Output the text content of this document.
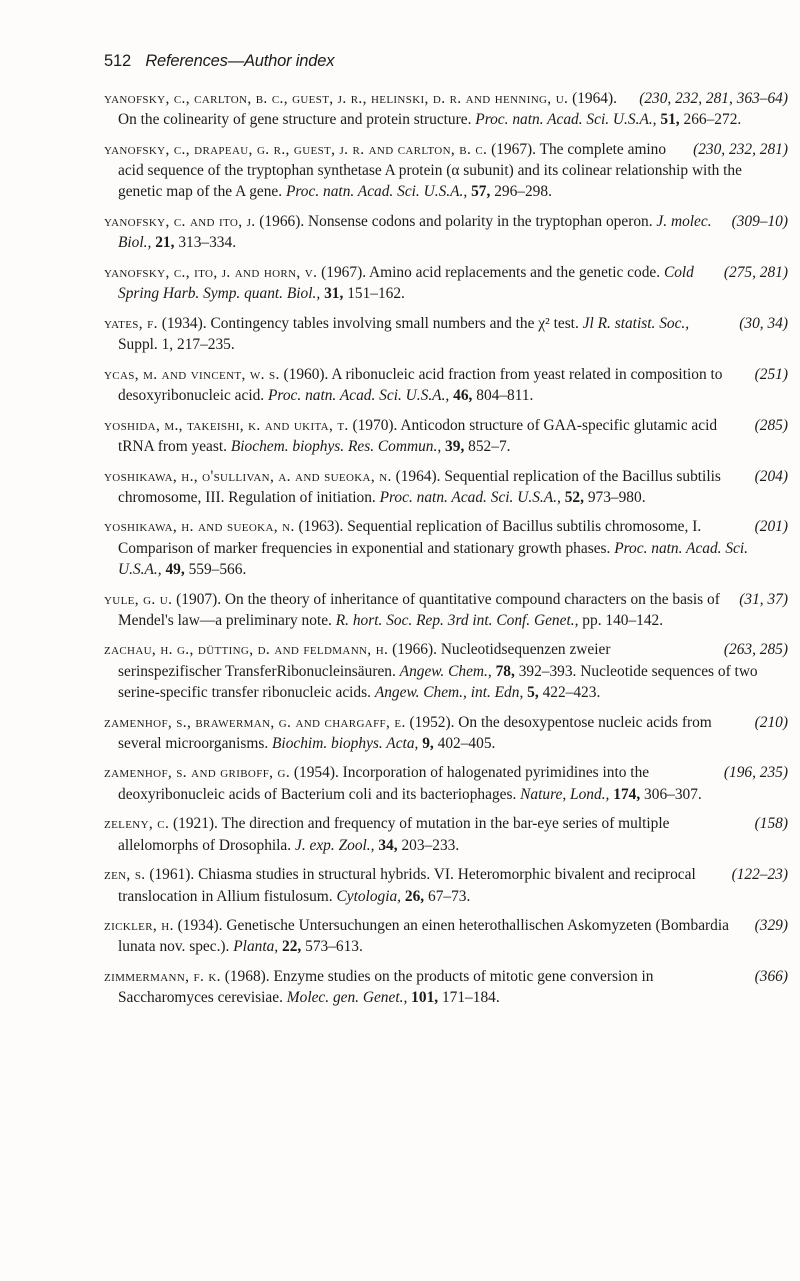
512 References—Author index
(230, 232, 281, 363–64)
yanofsky, c., carlton, b. c., guest, j. r., helinski, d. r. and henning, u. (1964). On the colinearity of gene structure and protein structure. Proc. natn. Acad. Sci. U.S.A., 51, 266–272.
(230, 232, 281)
yanofsky, c., drapeau, g. r., guest, j. r. and carlton, b. c. (1967). The complete amino acid sequence of the tryptophan synthetase A protein (α subunit) and its colinear relationship with the genetic map of the A gene. Proc. natn. Acad. Sci. U.S.A., 57, 296–298.
(309–10)
yanofsky, c. and ito, j. (1966). Nonsense codons and polarity in the tryptophan operon. J. molec. Biol., 21, 313–334.
(275, 281)
yanofsky, c., ito, j. and horn, v. (1967). Amino acid replacements and the genetic code. Cold Spring Harb. Symp. quant. Biol., 31, 151–162.
(30, 34)
yates, f. (1934). Contingency tables involving small numbers and the χ² test. Jl R. statist. Soc., Suppl. 1, 217–235.
(251)
ycas, m. and vincent, w. s. (1960). A ribonucleic acid fraction from yeast related in composition to desoxyribonucleic acid. Proc. natn. Acad. Sci. U.S.A., 46, 804–811.
(285)
yoshida, m., takeishi, k. and ukita, t. (1970). Anticodon structure of GAA-specific glutamic acid tRNA from yeast. Biochem. biophys. Res. Commun., 39, 852–7.
(204)
yoshikawa, h., o'sullivan, a. and sueoka, n. (1964). Sequential replication of the Bacillus subtilis chromosome, III. Regulation of initiation. Proc. natn. Acad. Sci. U.S.A., 52, 973–980.
(201)
yoshikawa, h. and sueoka, n. (1963). Sequential replication of Bacillus subtilis chromosome, I. Comparison of marker frequencies in exponential and stationary growth phases. Proc. natn. Acad. Sci. U.S.A., 49, 559–566.
(31, 37)
yule, g. u. (1907). On the theory of inheritance of quantitative compound characters on the basis of Mendel's law—a preliminary note. R. hort. Soc. Rep. 3rd int. Conf. Genet., pp. 140–142.
(263, 285)
zachau, h. g., dütting, d. and feldmann, h. (1966). Nucleotidsequenzen zweier serinspezifischer TransferRibonucleinsäuren. Angew. Chem., 78, 392–393. Nucleotide sequences of two serine-specific transfer ribonucleic acids. Angew. Chem., int. Edn, 5, 422–423.
(210)
zamenhof, s., brawerman, g. and chargaff, e. (1952). On the desoxypentose nucleic acids from several microorganisms. Biochim. biophys. Acta, 9, 402–405.
(196, 235)
zamenhof, s. and griboff, g. (1954). Incorporation of halogenated pyrimidines into the deoxyribonucleic acids of Bacterium coli and its bacteriophages. Nature, Lond., 174, 306–307.
(158)
zeleny, c. (1921). The direction and frequency of mutation in the bar-eye series of multiple allelomorphs of Drosophila. J. exp. Zool., 34, 203–233.
(122–23)
zen, s. (1961). Chiasma studies in structural hybrids. VI. Heteromorphic bivalent and reciprocal translocation in Allium fistulosum. Cytologia, 26, 67–73.
(329)
zickler, h. (1934). Genetische Untersuchungen an einen heterothallischen Askomyzeten (Bombardia lunata nov. spec.). Planta, 22, 573–613.
(366)
zimmermann, f. k. (1968). Enzyme studies on the products of mitotic gene conversion in Saccharomyces cerevisiae. Molec. gen. Genet., 101, 171–184.
